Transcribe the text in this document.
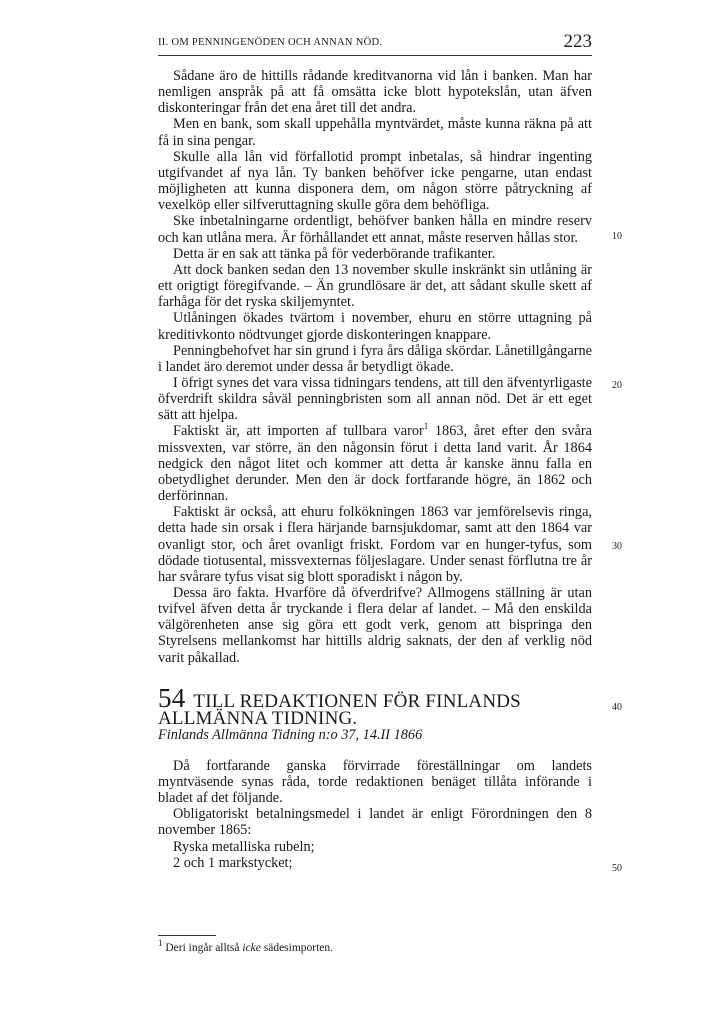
II. OM PENNINGENÖDEN OCH ANNAN NÖD.	223
10
20
30
40
50

Sådane äro de hittills rådande kreditvanorna vid lån i banken. Man har nemligen anspråk på att få omsätta icke blott hypotekslån, utan äfven diskonteringar från det ena året till det andra.

Men en bank, som skall uppehålla myntvärdet, måste kunna räkna på att få in sina pengar.

Skulle alla lån vid förfallotid prompt inbetalas, så hindrar ingenting utgifvandet af nya lån. Ty banken behöfver icke pengarne, utan endast möjligheten att kunna disponera dem, om någon större påtryckning af vexelköp eller silfveruttagning skulle göra dem behöfliga.

Ske inbetalningarne ordentligt, behöfver banken hålla en mindre reserv och kan utlåna mera. Är förhållandet ett annat, måste reserven hållas stor.

Detta är en sak att tänka på för vederbörande trafikanter.

Att dock banken sedan den 13 november skulle inskränkt sin utlåning är ett origtigt föregifvande. – Än grundlösare är det, att sådant skulle skett af farhåga för det ryska skiljemyntet.

Utlåningen ökades tvärtom i november, ehuru en större uttagning på kreditivkonto nödtvunget gjorde diskonteringen knappare.

Penningbehofvet har sin grund i fyra års dåliga skördar. Lånetillgångarne i landet äro deremot under dessa år betydligt ökade.

I öfrigt synes det vara vissa tidningars tendens, att till den äfventyrligaste öfverdrift skildra såväl penningbristen som all annan nöd. Det är ett eget sätt att hjelpa.

Faktiskt är, att importen af tullbara varor$^1$ 1863, året efter den svåra missvexten, var större, än den någonsin förut i detta land varit. År 1864 nedgick den något litet och kommer att detta år kanske ännu falla en obetydlighet derunder. Men den är dock fortfarande högre, än 1862 och derförinnan.

Faktiskt är också, att ehuru folkökningen 1863 var jemförelsevis ringa, detta hade sin orsak i flera härjande barnsjukdomar, samt att den 1864 var ovanligt stor, och året ovanligt friskt. Fordom var en hunger-tyfus, som dödade tiotusental, missvexternas följeslagare. Under senast förflutna tre år har svårare tyfus visat sig blott sporadiskt i någon by.

Dessa äro fakta. Hvarföre då öfverdrifve? Allmogens ställning är utan tvifvel äfven detta år tryckande i flera delar af landet. – Må den enskilda välgörenheten anse sig göra ett godt verk, genom att bispringa den Styrelsens mellankomst har hittills aldrig saknats, der den af verklig nöd varit påkallad.

54 TILL REDAKTIONEN FÖR FINLANDS ALLMÄNNA TIDNING.
Finlands Allmänna Tidning n:o 37, 14.II 1866

Då fortfarande ganska förvirrade föreställningar om landets myntväsende synas råda, torde redaktionen benäget tillåta införande i bladet af det följande.

Obligatoriskt betalningsmedel i landet är enligt Förordningen den 8 november 1865:

Ryska metalliska rubeln;
2 och 1 markstycket;
$^1$ Deri ingår alltså icke sädesimporten.
